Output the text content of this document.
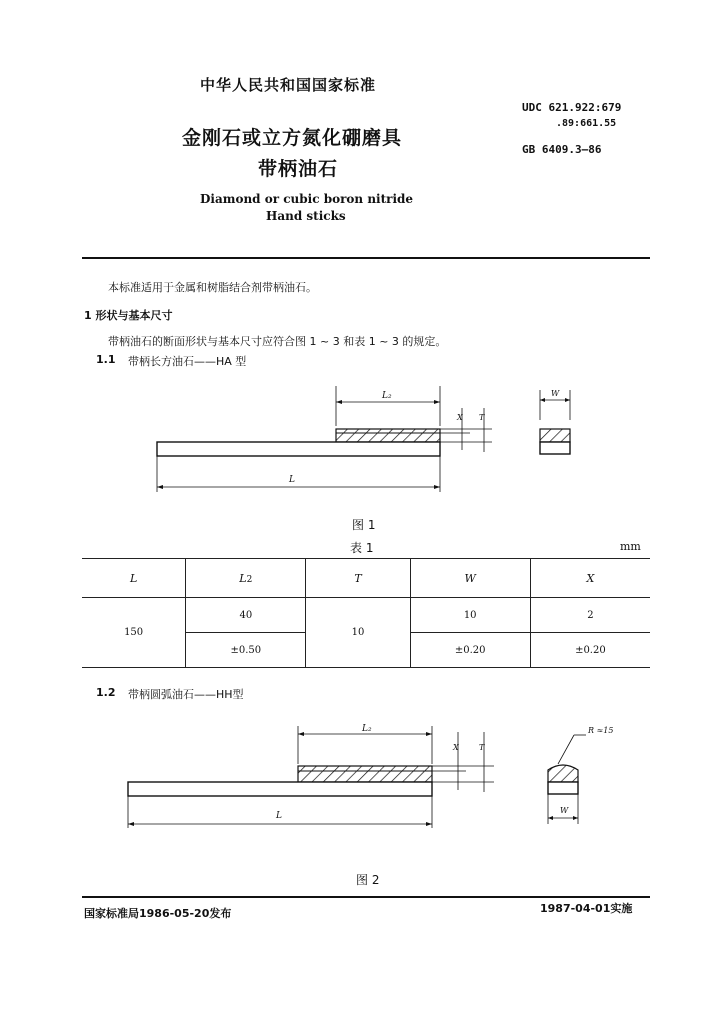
中华人民共和国国家标准
金刚石或立方氮化硼磨具
带柄油石
Diamond or cubic boron nitride
Hand sticks
UDC 621.922:679
.89:661.55
GB 6409.3—86
本标准适用于金属和树脂结合剂带柄油石。
1 形状与基本尺寸
带柄油石的断面形状与基本尺寸应符合图 1 ~ 3 和表 1 ~ 3 的规定。
1.1 带柄长方油石——HA 型
L₂
L
X T
W
图 1
表 1	mm
L	L2	T	W	X
150	40	10	10	2
	±0.50		±0.20	±0.20
1.2 带柄圆弧油石——HH型
L₂
L
X	T
R ≈15
W
图 2
国家标准局1986-05-20发布	1987-04-01实施
